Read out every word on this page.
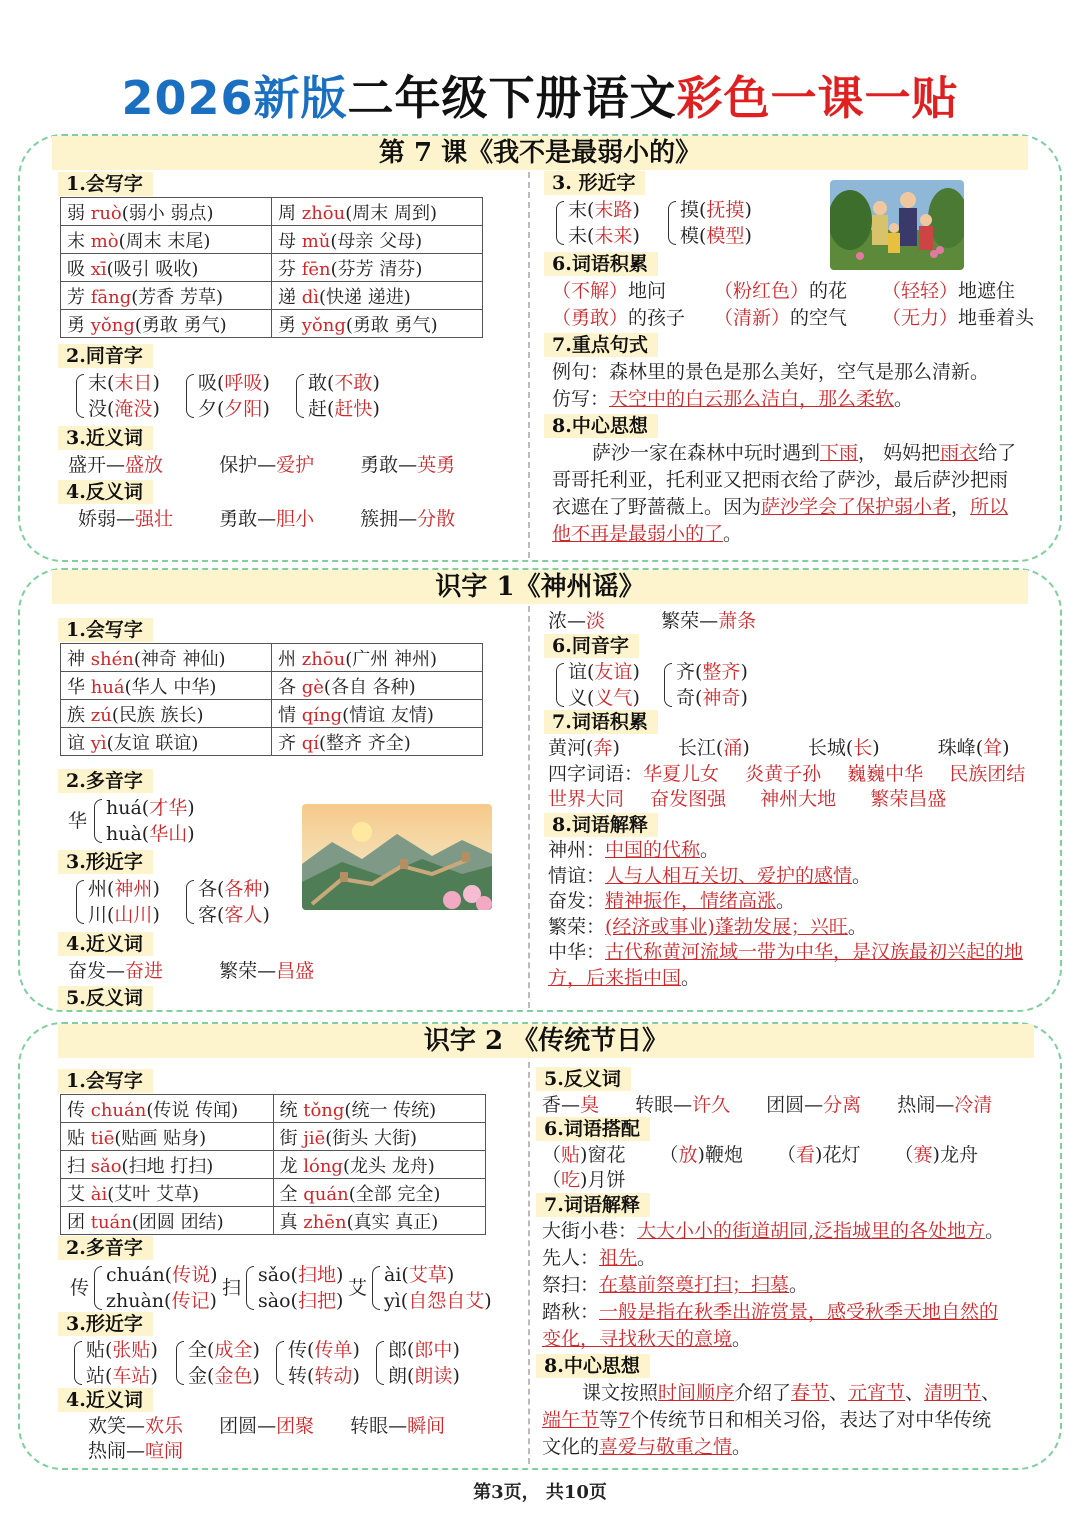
2026新版二年级下册语文彩色一课一贴
第 7 课《我不是最弱小的》
1.会写字
弱 ruò(弱小 弱点)	周 zhōu(周末 周到)
末 mò(周末 末尾)	母 mǔ(母亲 父母)
吸 xī(吸引 吸收)	芬 fēn(芬芳 清芬)
芳 fāng(芳香 芳草)	递 dì(快递 递进)
勇 yǒng(勇敢 勇气)	勇 yǒng(勇敢 勇气)
2.同音字
末(末日)
没(淹没)
吸(呼吸)
夕(夕阳)
敢(不敢)
赶(赶快)
3.近义词
盛开—盛放	保护—爱护 勇敢—英勇
4.反义词
娇弱—强壮 勇敢—胆小 簇拥—分散
3. 形近字
末(末路)
未(未来)
摸(抚摸)
模(模型)
6.词语积累
（不解）地问	（粉红色）的花 （轻轻）地遮住
（勇敢）的孩子 （清新）的空气 （无力）地垂着头
7.重点句式
例句：森林里的景色是那么美好，空气是那么清新。
仿写：天空中的白云那么洁白，那么柔软。
8.中心思想
萨沙一家在森林中玩时遇到下雨， 妈妈把雨衣给了
哥哥托利亚，托利亚又把雨衣给了萨沙，最后萨沙把雨
衣遮在了野蔷薇上。因为萨沙学会了保护弱小者，所以
他不再是最弱小的了。
识字 1《神州谣》
1.会写字
神 shén(神奇 神仙)	州 zhōu(广州 神州)
华 huá(华人 中华)	各 gè(各自 各种)
族 zú(民族 族长)	情 qíng(情谊 友情)
谊 yì(友谊 联谊)	齐 qí(整齐 齐全)
2.多音字
华
huá(才华)
huà(华山)
3.形近字
州(神州)
川(山川)
各(各种)
客(客人)
4.近义词
奋发—奋进	繁荣—昌盛
5.反义词
浓—淡	繁荣—萧条
6.同音字
谊(友谊)
义(义气)
齐(整齐)
奇(神奇)
7.词语积累
黄河(奔)	长江(涌)	长城(长)	珠峰(耸)
四字词语：华夏儿女 炎黄子孙 巍巍中华 民族团结
世界大同 奋发图强 神州大地 繁荣昌盛
8.词语解释
神州：中国的代称。
情谊：人与人相互关切、爱护的感情。
奋发：精神振作，情绪高涨。
繁荣：(经济或事业)蓬勃发展；兴旺。
中华：古代称黄河流域一带为中华，是汉族最初兴起的地
方，后来指中国。
识字 2 《传统节日》
1.会写字
传 chuán(传说 传闻)	统 tǒng(统一 传统)
贴 tiē(贴画 贴身)	街 jiē(街头 大街)
扫 sǎo(扫地 打扫)	龙 lóng(龙头 龙舟)
艾 ài(艾叶 艾草)	全 quán(全部 完全)
团 tuán(团圆 团结)	真 zhēn(真实 真正)
2.多音字
传
chuán(传说)
zhuàn(传记)
扫
sǎo(扫地)
sào(扫把)
艾
ài(艾草)
yì(自怨自艾)
3.形近字
贴(张贴)
站(车站)
全(成全)
金(金色)
传(传单)
转(转动)
郎(郎中)
朗(朗读)
4.近义词
欢笑—欢乐 团圆—团聚 转眼—瞬间
热闹—喧闹
5.反义词
香—臭 转眼—许久 团圆—分离 热闹—冷清
6.词语搭配
（贴)窗花 （放)鞭炮 （看)花灯 （赛)龙舟
（吃)月饼
7.词语解释
大街小巷：大大小小的街道胡同,泛指城里的各处地方。
先人：祖先。
祭扫：在墓前祭奠打扫；扫墓。
踏秋：一般是指在秋季出游赏景，感受秋季天地自然的
变化，寻找秋天的意境。
8.中心思想
课文按照时间顺序介绍了春节、元宵节、清明节、
端午节等7个传统节日和相关习俗，表达了对中华传统
文化的喜爱与敬重之情。
第3页， 共10页
